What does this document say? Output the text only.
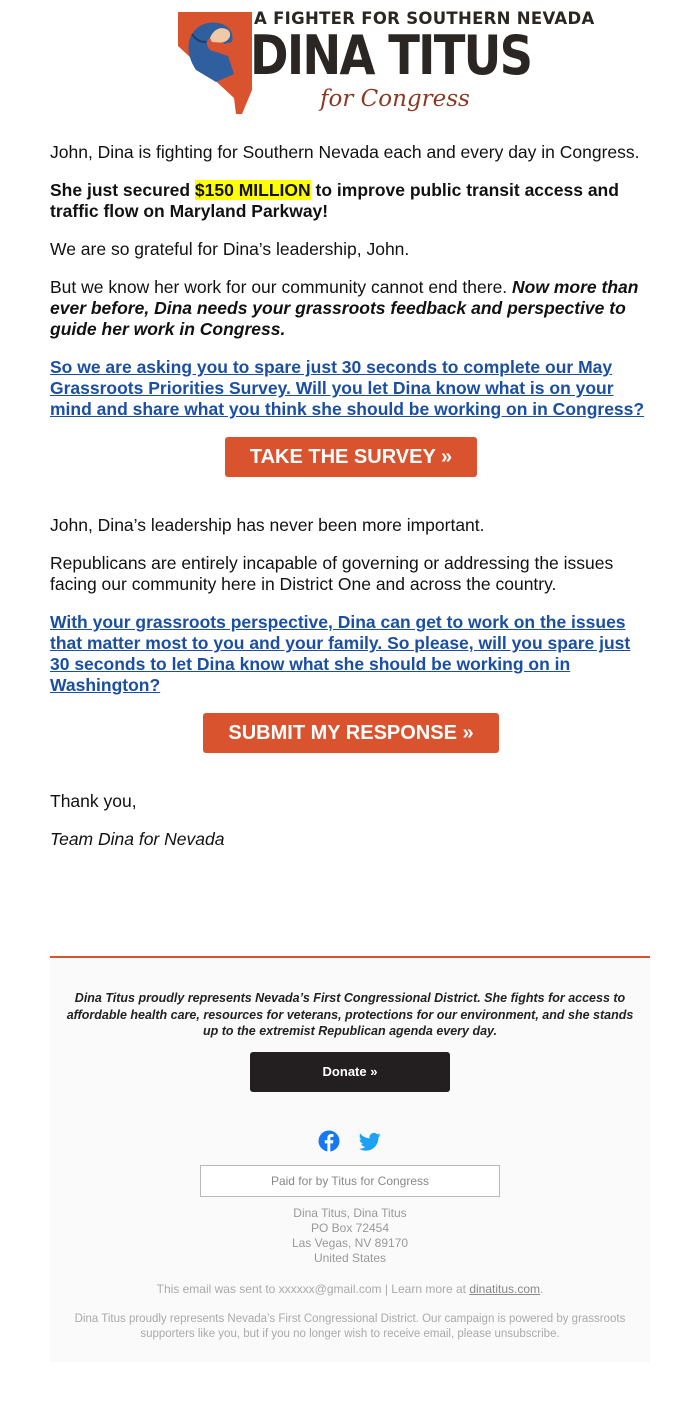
A FIGHTER FOR SOUTHERN NEVADA
DINA TITUS
for Congress

John, Dina is fighting for Southern Nevada each and every day in Congress.

She just secured $150 MILLION to improve public transit access and traffic flow on Maryland Parkway!

We are so grateful for Dina’s leadership, John.

But we know her work for our community cannot end there. Now more than ever before, Dina needs your grassroots feedback and perspective to guide her work in Congress.

So we are asking you to spare just 30 seconds to complete our May Grassroots Priorities Survey. Will you let Dina know what is on your mind and share what you think she should be working on in Congress?

TAKE THE SURVEY »

John, Dina’s leadership has never been more important.

Republicans are entirely incapable of governing or addressing the issues facing our community here in District One and across the country.

With your grassroots perspective, Dina can get to work on the issues that matter most to you and your family. So please, will you spare just 30 seconds to let Dina know what she should be working on in Washington?

SUBMIT MY RESPONSE »

Thank you,

Team Dina for Nevada

Dina Titus proudly represents Nevada’s First Congressional District. She fights for access to affordable health care, resources for veterans, protections for our environment, and she stands up to the extremist Republican agenda every day.
Donate »
Paid for by Titus for Congress
Dina Titus, Dina Titus
PO Box 72454
Las Vegas, NV 89170
United States
This email was sent to xxxxxx@gmail.com | Learn more at dinatitus.com.
Dina Titus proudly represents Nevada’s First Congressional District. Our campaign is powered by grassroots supporters like you, but if you no longer wish to receive email, please unsubscribe.
